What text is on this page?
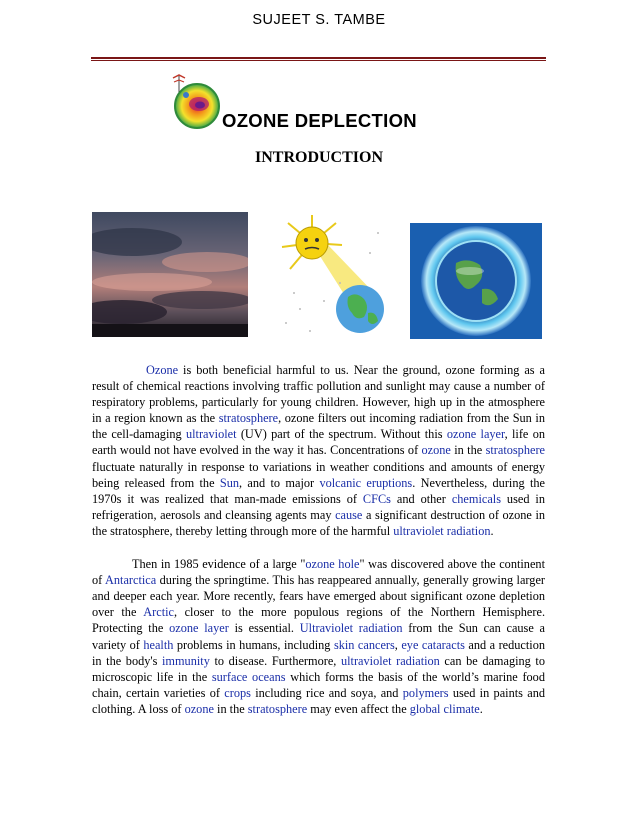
SUJEET S. TAMBE
OZONE DEPLECTION
INTRODUCTION

Ozone is both beneficial harmful to us. Near the ground, ozone forming as a result of chemical reactions involving traffic pollution and sunlight may cause a number of respiratory problems, particularly for young children. However, high up in the atmosphere in a region known as the stratosphere, ozone filters out incoming radiation from the Sun in the cell-damaging ultraviolet (UV) part of the spectrum. Without this ozone layer, life on earth would not have evolved in the way it has. Concentrations of ozone in the stratosphere fluctuate naturally in response to variations in weather conditions and amounts of energy being released from the Sun, and to major volcanic eruptions. Nevertheless, during the 1970s it was realized that man-made emissions of CFCs and other chemicals used in refrigeration, aerosols and cleansing agents may cause a significant destruction of ozone in the stratosphere, thereby letting through more of the harmful ultraviolet radiation.

Then in 1985 evidence of a large "ozone hole" was discovered above the continent of Antarctica during the springtime. This has reappeared annually, generally growing larger and deeper each year. More recently, fears have emerged about significant ozone depletion over the Arctic, closer to the more populous regions of the Northern Hemisphere. Protecting the ozone layer is essential. Ultraviolet radiation from the Sun can cause a variety of health problems in humans, including skin cancers, eye cataracts and a reduction in the body's immunity to disease. Furthermore, ultraviolet radiation can be damaging to microscopic life in the surface oceans which forms the basis of the world’s marine food chain, certain varieties of crops including rice and soya, and polymers used in paints and clothing. A loss of ozone in the stratosphere may even affect the global climate.
